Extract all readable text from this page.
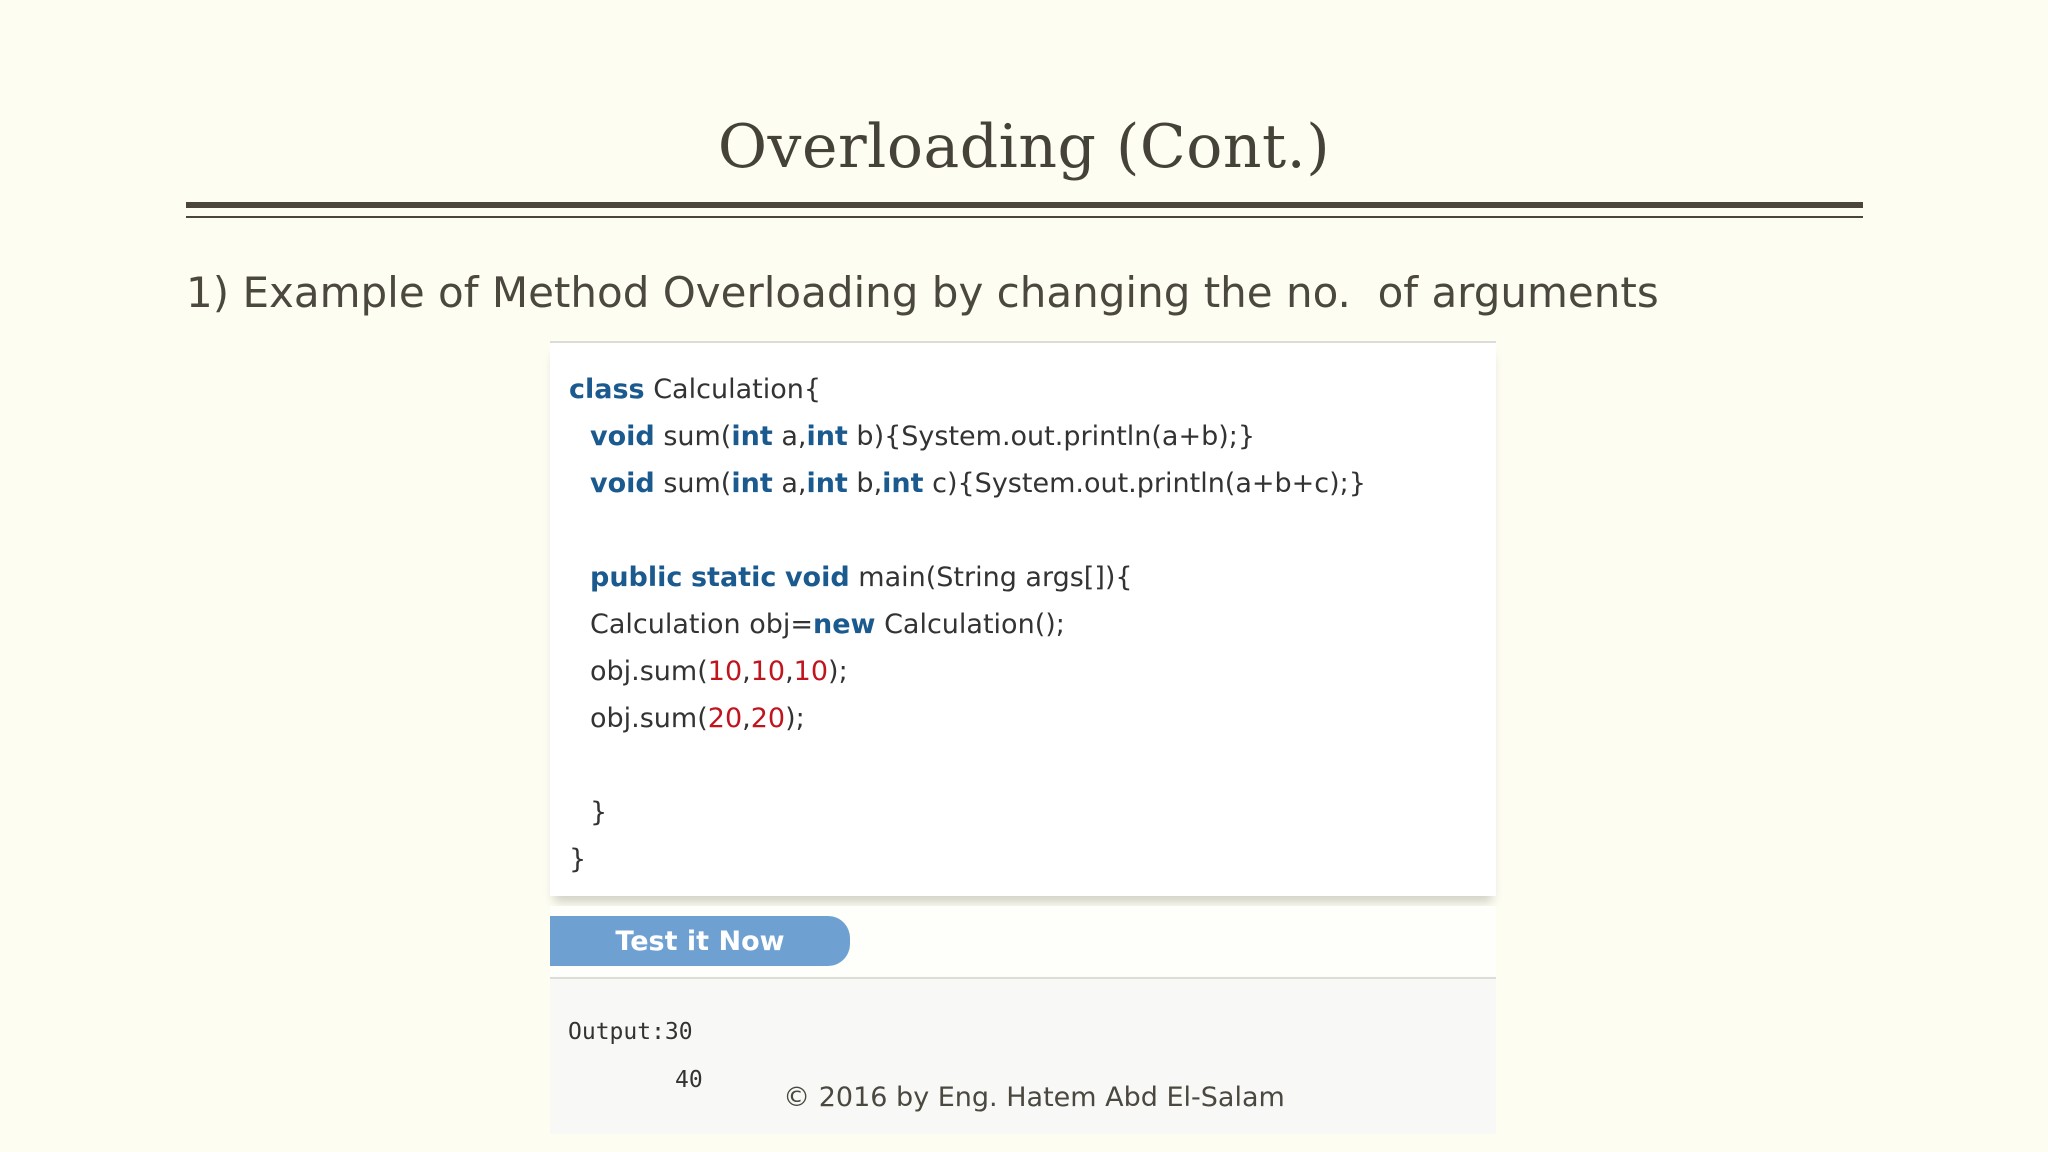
Overloading (Cont.)
1) Example of Method Overloading by changing the no.  of arguments
class Calculation{
void sum(int a,int b){System.out.println(a+b);}
void sum(int a,int b,int c){System.out.println(a+b+c);}

public static void main(String args[]){
Calculation obj=new Calculation();
obj.sum(10,10,10);
obj.sum(20,20);

}
}
Test it Now
Output:30
40
© 2016 by Eng. Hatem Abd El-Salam
